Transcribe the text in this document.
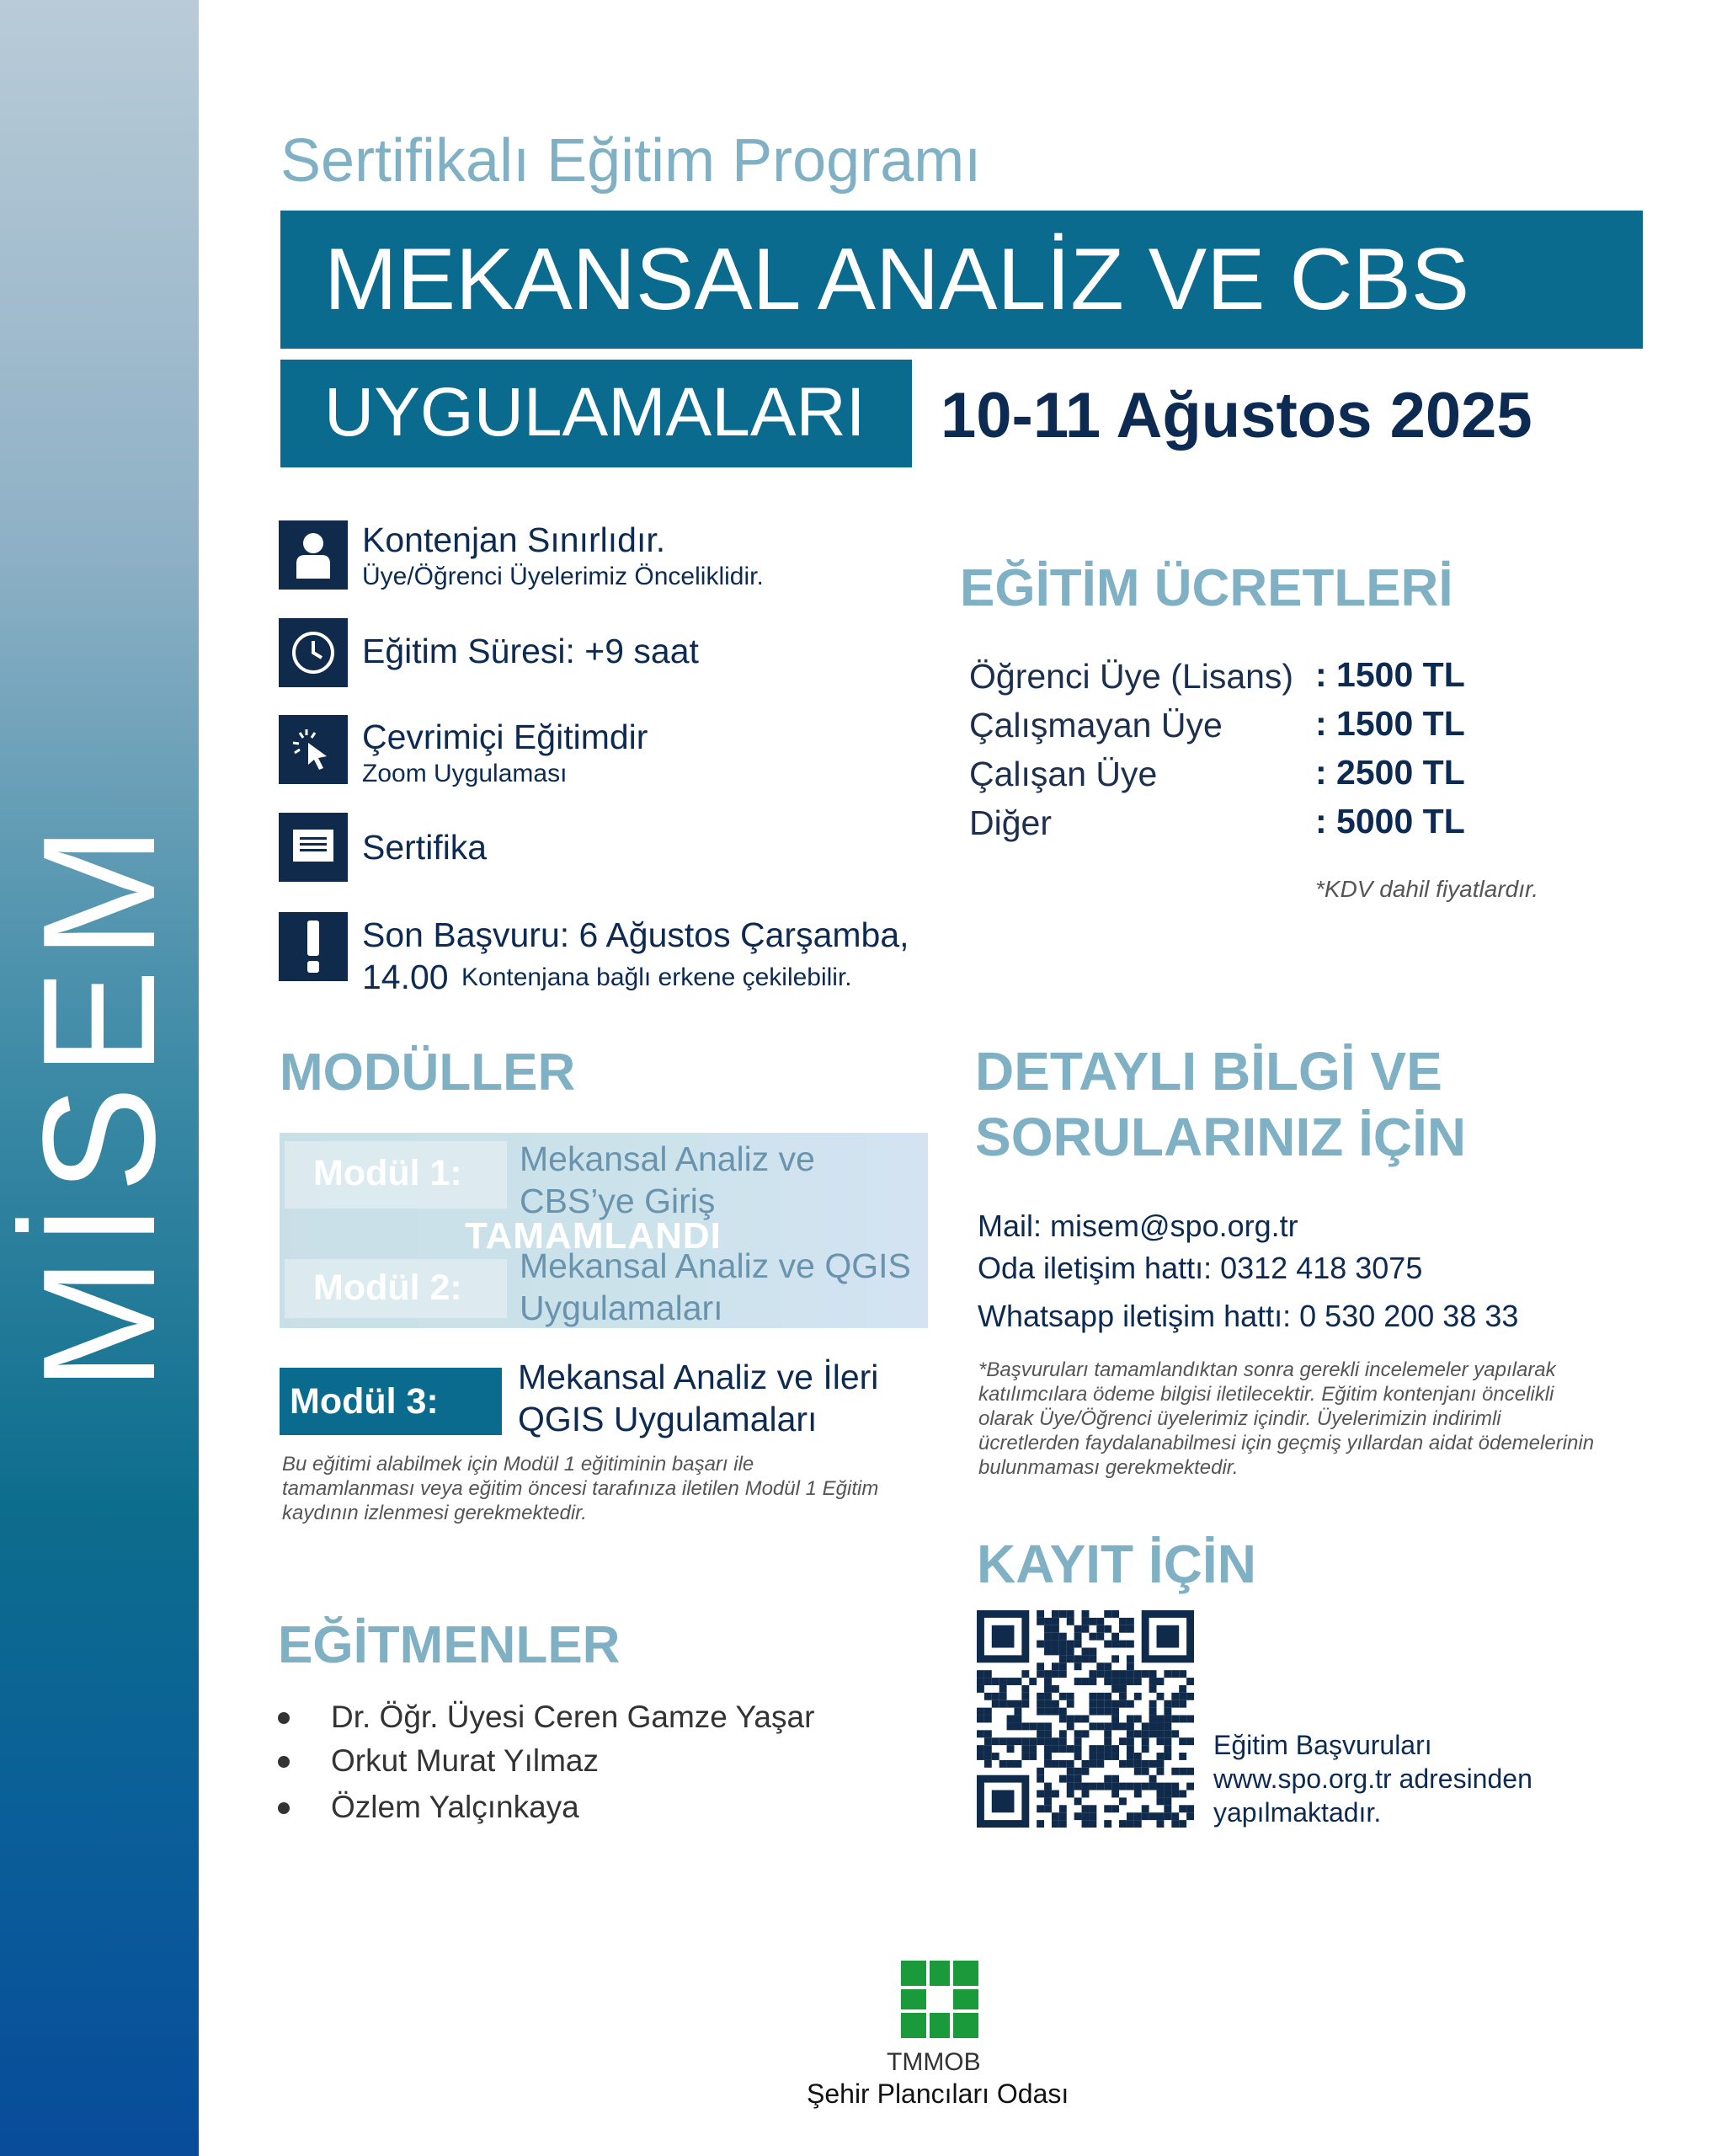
MİSEM
Sertifikalı Eğitim Programı
MEKANSAL ANALİZ VE CBS
UYGULAMALARI 10-11 Ağustos 2025
Kontenjan Sınırlıdır.
Üye/Öğrenci Üyelerimiz Önceliklidir.
Eğitim Süresi: +9 saat
Çevrimiçi Eğitimdir
Zoom Uygulaması
Sertifika
Son Başvuru: 6 Ağustos Çarşamba,
14.00 Kontenjana bağlı erkene çekilebilir.
EĞİTİM ÜCRETLERİ
Öğrenci Üye (Lisans) : 1500 TL
Çalışmayan Üye	: 1500 TL
Çalışan Üye	: 2500 TL
Diğer	: 5000 TL
*KDV dahil fiyatlardır.
MODÜLLER
Modül 1: Mekansal Analiz ve
CBS’ye Giriş
Modül 2:
Mekansal Analiz ve QGIS
Uygulamaları
TAMAMLANDI
Modül 3:
Mekansal Analiz ve İleri
QGIS Uygulamaları
Bu eğitimi alabilmek için Modül 1 eğitiminin başarı ile
tamamlanması veya eğitim öncesi tarafınıza iletilen Modül 1 Eğitim
kaydının izlenmesi gerekmektedir.
DETAYLI BİLGİ VE
SORULARINIZ İÇİN
Mail: misem@spo.org.tr
Oda iletişim hattı: 0312 418 3075
Whatsapp iletişim hattı: 0 530 200 38 33
*Başvuruları tamamlandıktan sonra gerekli incelemeler yapılarak
katılımcılara ödeme bilgisi iletilecektir. Eğitim kontenjanı öncelikli
olarak Üye/Öğrenci üyelerimiz içindir. Üyelerimizin indirimli
ücretlerden faydalanabilmesi için geçmiş yıllardan aidat ödemelerinin
bulunmaması gerekmektedir.
EĞİTMENLER
Dr. Öğr. Üyesi Ceren Gamze Yaşar
Orkut Murat Yılmaz
Özlem Yalçınkaya
KAYIT İÇİN
Eğitim Başvuruları
www.spo.org.tr adresinden
yapılmaktadır.
TMMOB
Şehir Plancıları Odası
